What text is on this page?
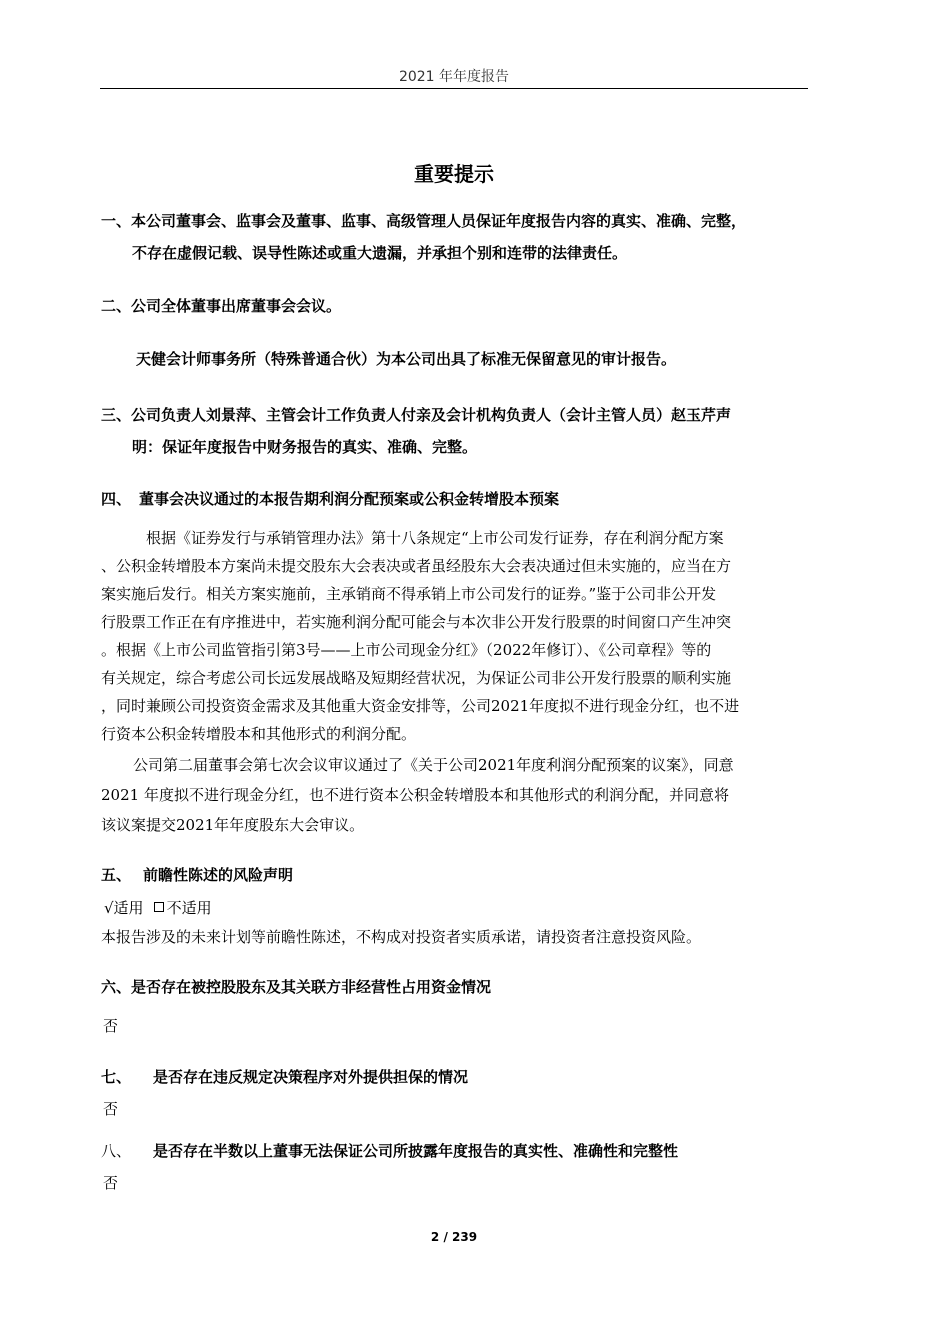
2021 年年度报告
重要提示
一、本公司董事会、监事会及董事、监事、高级管理人员保证年度报告内容的真实、准确、完整，
不存在虚假记载、误导性陈述或重大遗漏，并承担个别和连带的法律责任。
二、公司全体董事出席董事会会议。
天健会计师事务所（特殊普通合伙）为本公司出具了标准无保留意见的审计报告。
三、公司负责人刘景萍、主管会计工作负责人付亲及会计机构负责人（会计主管人员）赵玉芹声
明：保证年度报告中财务报告的真实、准确、完整。
四、 董事会决议通过的本报告期利润分配预案或公积金转增股本预案
根据《证券发行与承销管理办法》第十八条规定“上市公司发行证券，存在利润分配方案
、公积金转增股本方案尚未提交股东大会表决或者虽经股东大会表决通过但未实施的，应当在方
案实施后发行。相关方案实施前，主承销商不得承销上市公司发行的证券。”鉴于公司非公开发
行股票工作正在有序推进中，若实施利润分配可能会与本次非公开发行股票的时间窗口产生冲突
。根据《上市公司监管指引第3号——上市公司现金分红》（2022年修订）、《公司章程》等的
有关规定，综合考虑公司长远发展战略及短期经营状况，为保证公司非公开发行股票的顺利实施
，同时兼顾公司投资资金需求及其他重大资金安排等，公司2021年度拟不进行现金分红，也不进
行资本公积金转增股本和其他形式的利润分配。
公司第二届董事会第七次会议审议通过了《关于公司2021年度利润分配预案的议案》，同意
2021 年度拟不进行现金分红，也不进行资本公积金转增股本和其他形式的利润分配，并同意将
该议案提交2021年年度股东大会审议。
五、 前瞻性陈述的风险声明
√适用 不适用
本报告涉及的未来计划等前瞻性陈述，不构成对投资者实质承诺，请投资者注意投资风险。
六、是否存在被控股股东及其关联方非经营性占用资金情况
否
七、 是否存在违反规定决策程序对外提供担保的情况
否
八、 是否存在半数以上董事无法保证公司所披露年度报告的真实性、准确性和完整性
否
2 / 239
